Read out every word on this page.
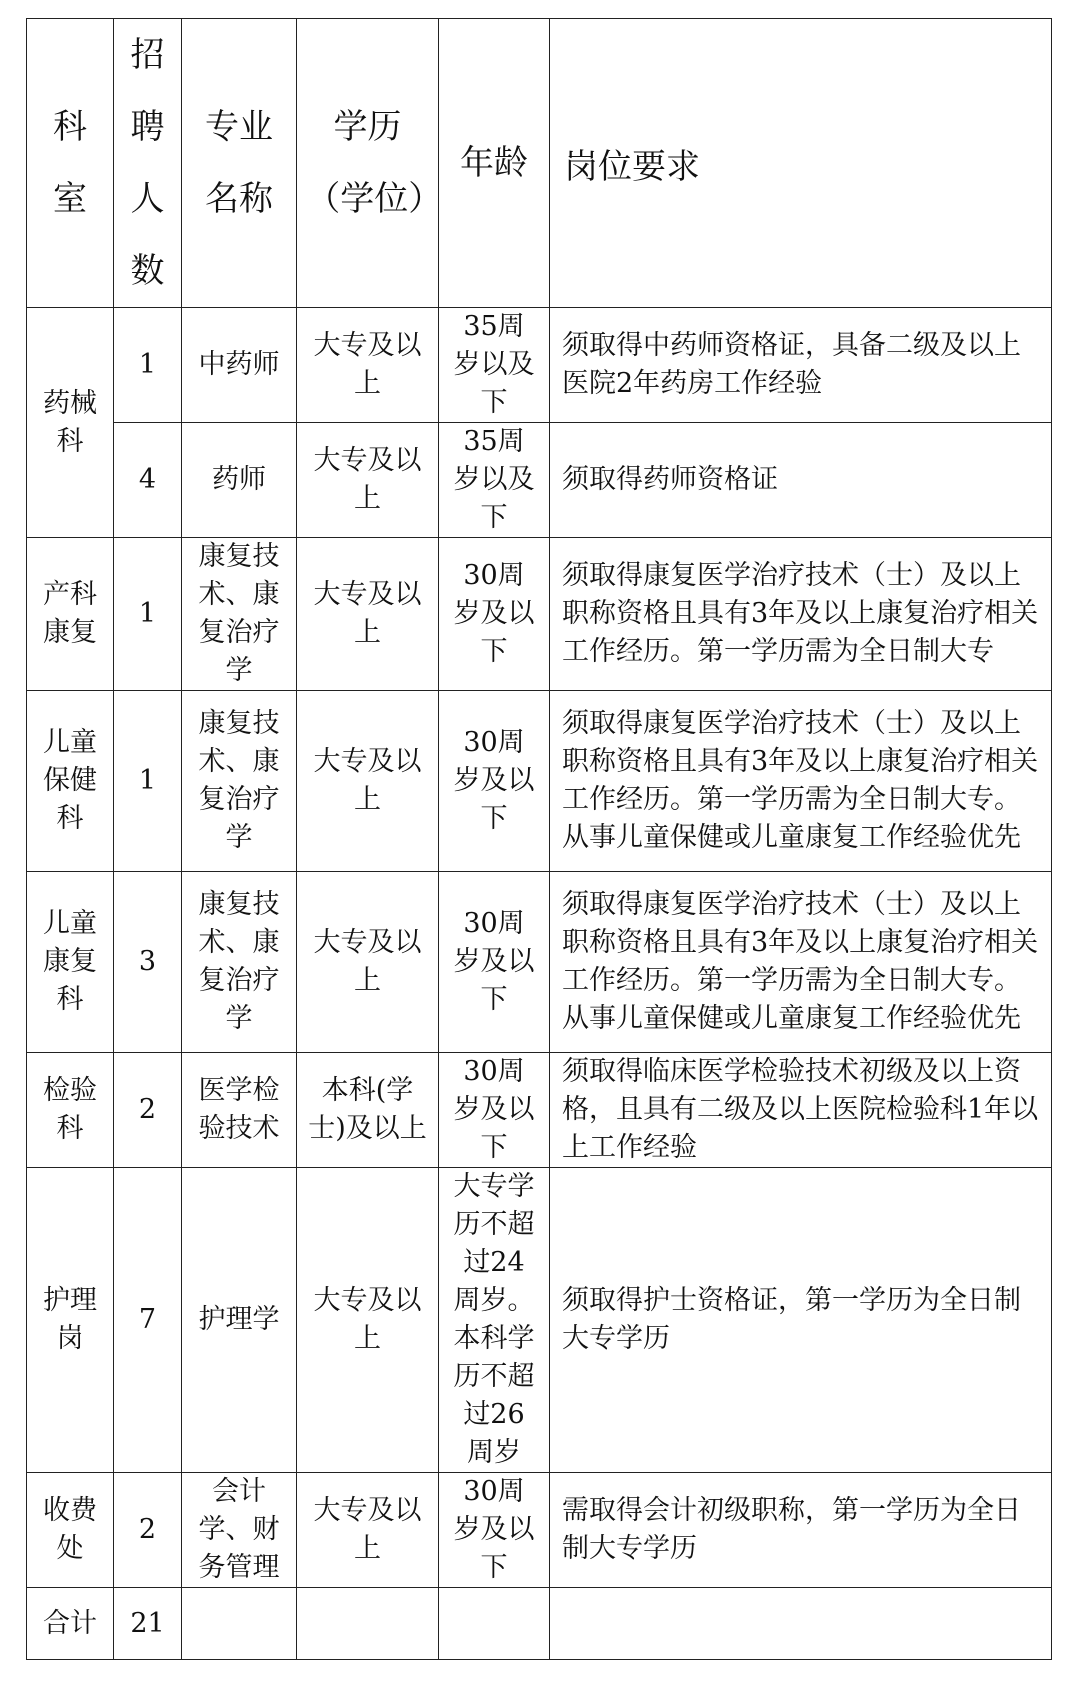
科室	招聘人数	专业名称	学历（学位）	年龄	岗位要求
药械科	1	中药师	大专及以上	35周岁以及下	须取得中药师资格证，具备二级及以上医院2年药房工作经验
	4	药师	大专及以上	35周岁以及下	须取得药师资格证
产科康复	1	康复技术、康复治疗学	大专及以上	30周岁及以下	须取得康复医学治疗技术（士）及以上职称资格且具有3年及以上康复治疗相关工作经历。第一学历需为全日制大专
儿童保健科	1	康复技术、康复治疗学	大专及以上	30周岁及以下	须取得康复医学治疗技术（士）及以上职称资格且具有3年及以上康复治疗相关工作经历。第一学历需为全日制大专。从事儿童保健或儿童康复工作经验优先
儿童康复科	3	康复技术、康复治疗学	大专及以上	30周岁及以下	须取得康复医学治疗技术（士）及以上职称资格且具有3年及以上康复治疗相关工作经历。第一学历需为全日制大专。从事儿童保健或儿童康复工作经验优先
检验科	2	医学检验技术	本科(学士)及以上	30周岁及以下	须取得临床医学检验技术初级及以上资格，且具有二级及以上医院检验科1年以上工作经验
护理岗	7	护理学	大专及以上	大专学历不超过24周岁。本科学历不超过26周岁	须取得护士资格证，第一学历为全日制大专学历
收费处	2	会计学、财务管理	大专及以上	30周岁及以下	需取得会计初级职称，第一学历为全日制大专学历
合计	21				
